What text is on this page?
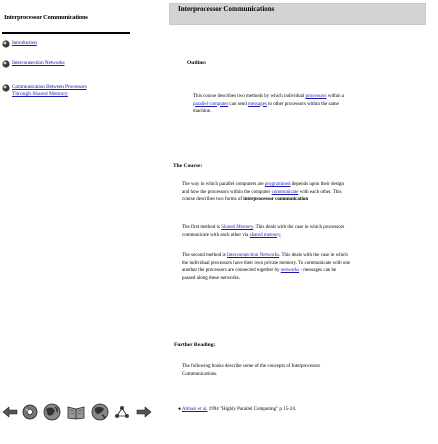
Interprocessor Communications
Introduction
Interconnection Networks
Communication Between Processors
Through Shared Memory
Interprocessor Communications
Outline:
This course describes two methods by which individual processors within a
parallel computer can send messages to other processors within the same
machine.
The Course:
The way in which parallel computers are programmed depends upon their design
and how the processors within the computer communicate with each other. This
course describes two forms of interprocessor communication
The first method is Shared Memory. This deals with the case in which processors
communicate with each other via shared memory.
The second method is Interconnection Networks. This deals with the case in which
the individual processors have their own private memory. To communicate with one
another the processors are connected together by networks - messages can be
passed along these networks.
Further Reading:
The following books describe some of the concepts of Interprocessor
Communications.
● Almasi et al. 1994 "Highly Parallel Computing" p 15-24.
